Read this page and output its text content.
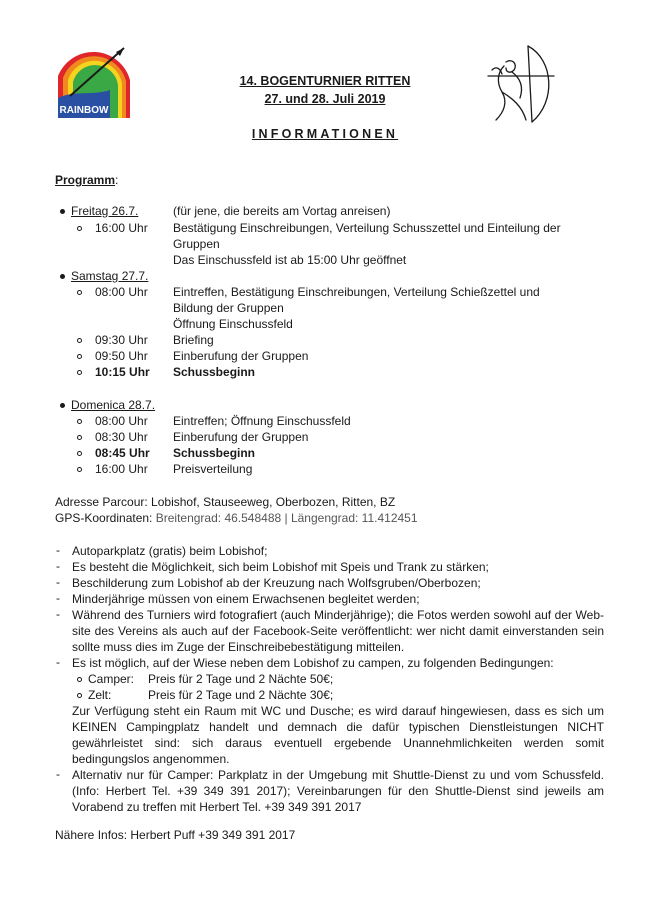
RAINBOW
14. BOGENTURNIER RITTEN
27. und 28. Juli 2019
INFORMATIONEN
Programm:
Freitag 26.7.	(für jene, die bereits am Vortag anreisen)
16:00 Uhr Bestätigung Einschreibungen, Verteilung Schusszettel und Einteilung der
Gruppen
Das Einschussfeld ist ab 15:00 Uhr geöffnet
Samstag 27.7.
08:00 Uhr Eintreffen, Bestätigung Einschreibungen, Verteilung Schießzettel und
Bildung der Gruppen
Öffnung Einschussfeld
09:30 Uhr Briefing
09:50 Uhr Einberufung der Gruppen
10:15 Uhr Schussbeginn
Domenica 28.7.
08:00 Uhr Eintreffen; Öffnung Einschussfeld
08:30 Uhr Einberufung der Gruppen
08:45 Uhr Schussbeginn
16:00 Uhr Preisverteilung
Adresse Parcour: Lobishof, Stauseeweg, Oberbozen, Ritten, BZ
GPS-Koordinaten: Breitengrad: 46.548488 | Längengrad: 11.412451
- Autoparkplatz (gratis) beim Lobishof;
- Es besteht die Möglichkeit, sich beim Lobishof mit Speis und Trank zu stärken;
- Beschilderung zum Lobishof ab der Kreuzung nach Wolfsgruben/Oberbozen;
- Minderjährige müssen von einem Erwachsenen begleitet werden;
- Während des Turniers wird fotografiert (auch Minderjährige); die Fotos werden sowohl auf der Web-site des Vereins als auch auf der Facebook-Seite veröffentlicht: wer nicht damit einverstanden sein sollte muss dies im Zuge der Einschreibebestätigung mitteilen.
- Es ist möglich, auf der Wiese neben dem Lobishof zu campen, zu folgenden Bedingungen:
Camper: Preis für 2 Tage und 2 Nächte 50€;
Zelt:	Preis für 2 Tage und 2 Nächte 30€;
Zur Verfügung steht ein Raum mit WC und Dusche; es wird darauf hingewiesen, dass es sich um KEINEN Campingplatz handelt und demnach die dafür typischen Dienstleistungen NICHT gewährleistet sind: sich daraus eventuell ergebende Unannehmlichkeiten werden somit bedingungslos angenommen.
- Alternativ nur für Camper: Parkplatz in der Umgebung mit Shuttle-Dienst zu und vom Schussfeld. (Info: Herbert Tel. +39 349 391 2017); Vereinbarungen für den Shuttle-Dienst sind jeweils am Vorabend zu treffen mit Herbert Tel. +39 349 391 2017
Nähere Infos: Herbert Puff +39 349 391 2017
